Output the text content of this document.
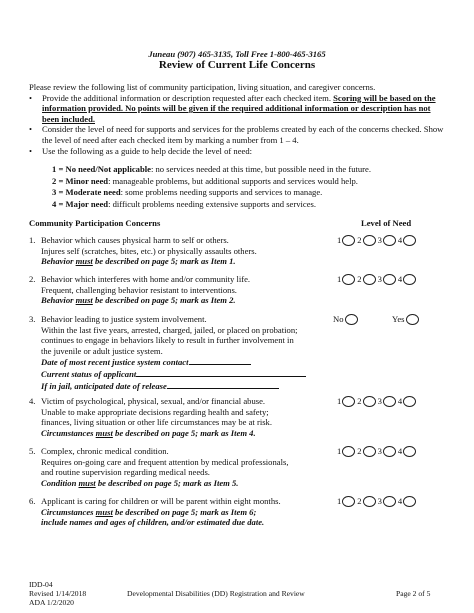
Juneau (907) 465-3135, Toll Free 1-800-465-3165
Review of Current Life Concerns
Please review the following list of community participation, living situation, and caregiver concerns.
• Provide the additional information or description requested after each checked item. Scoring will be based on the information provided. No points will be given if the required additional information or description has not been included.
• Consider the level of need for supports and services for the problems created by each of the concerns checked. Show the level of need after each checked item by marking a number from 1 – 4.
• Use the following as a guide to help decide the level of need:
1 = No need/Not applicable: no services needed at this time, but possible need in the future.
2 = Minor need: manageable problems, but additional supports and services would help.
3 = Moderate need: some problems needing supports and services to manage.
4 = Major need: difficult problems needing extensive supports and services.
Community Participation Concerns	Level of Need
1. Behavior which causes physical harm to self or others.
Injures self (scratches, bites, etc.) or physically assaults others.
Behavior must be described on page 5; mark as Item 1.
1 2 3 4
2. Behavior which interferes with home and/or community life.
Frequent, challenging behavior resistant to interventions.
Behavior must be described on page 5; mark as Item 2.
1 2 3 4
3. Behavior leading to justice system involvement.
Within the last five years, arrested, charged, jailed, or placed on probation;
continues to engage in behaviors likely to result in further involvement in
the juvenile or adult justice system.
Date of most recent justice system contact
Current status of applicant
If in jail, anticipated date of release
No	Yes
4. Victim of psychological, physical, sexual, and/or financial abuse.
Unable to make appropriate decisions regarding health and safety;
finances, living situation or other life circumstances may be at risk.
Circumstances must be described on page 5; mark as Item 4.
1 2 3 4
5. Complex, chronic medical condition.
Requires on-going care and frequent attention by medical professionals,
and routine supervision regarding medical needs.
Condition must be described on page 5; mark as Item 5.
1 2 3 4
6. Applicant is caring for children or will be parent within eight months.
Circumstances must be described on page 5; mark as Item 6;
include names and ages of children, and/or estimated due date.
1 2 3 4
IDD-04
Revised 1/14/2018
ADA 1/2/2020
Developmental Disabilities (DD) Registration and Review	Page 2 of 5
